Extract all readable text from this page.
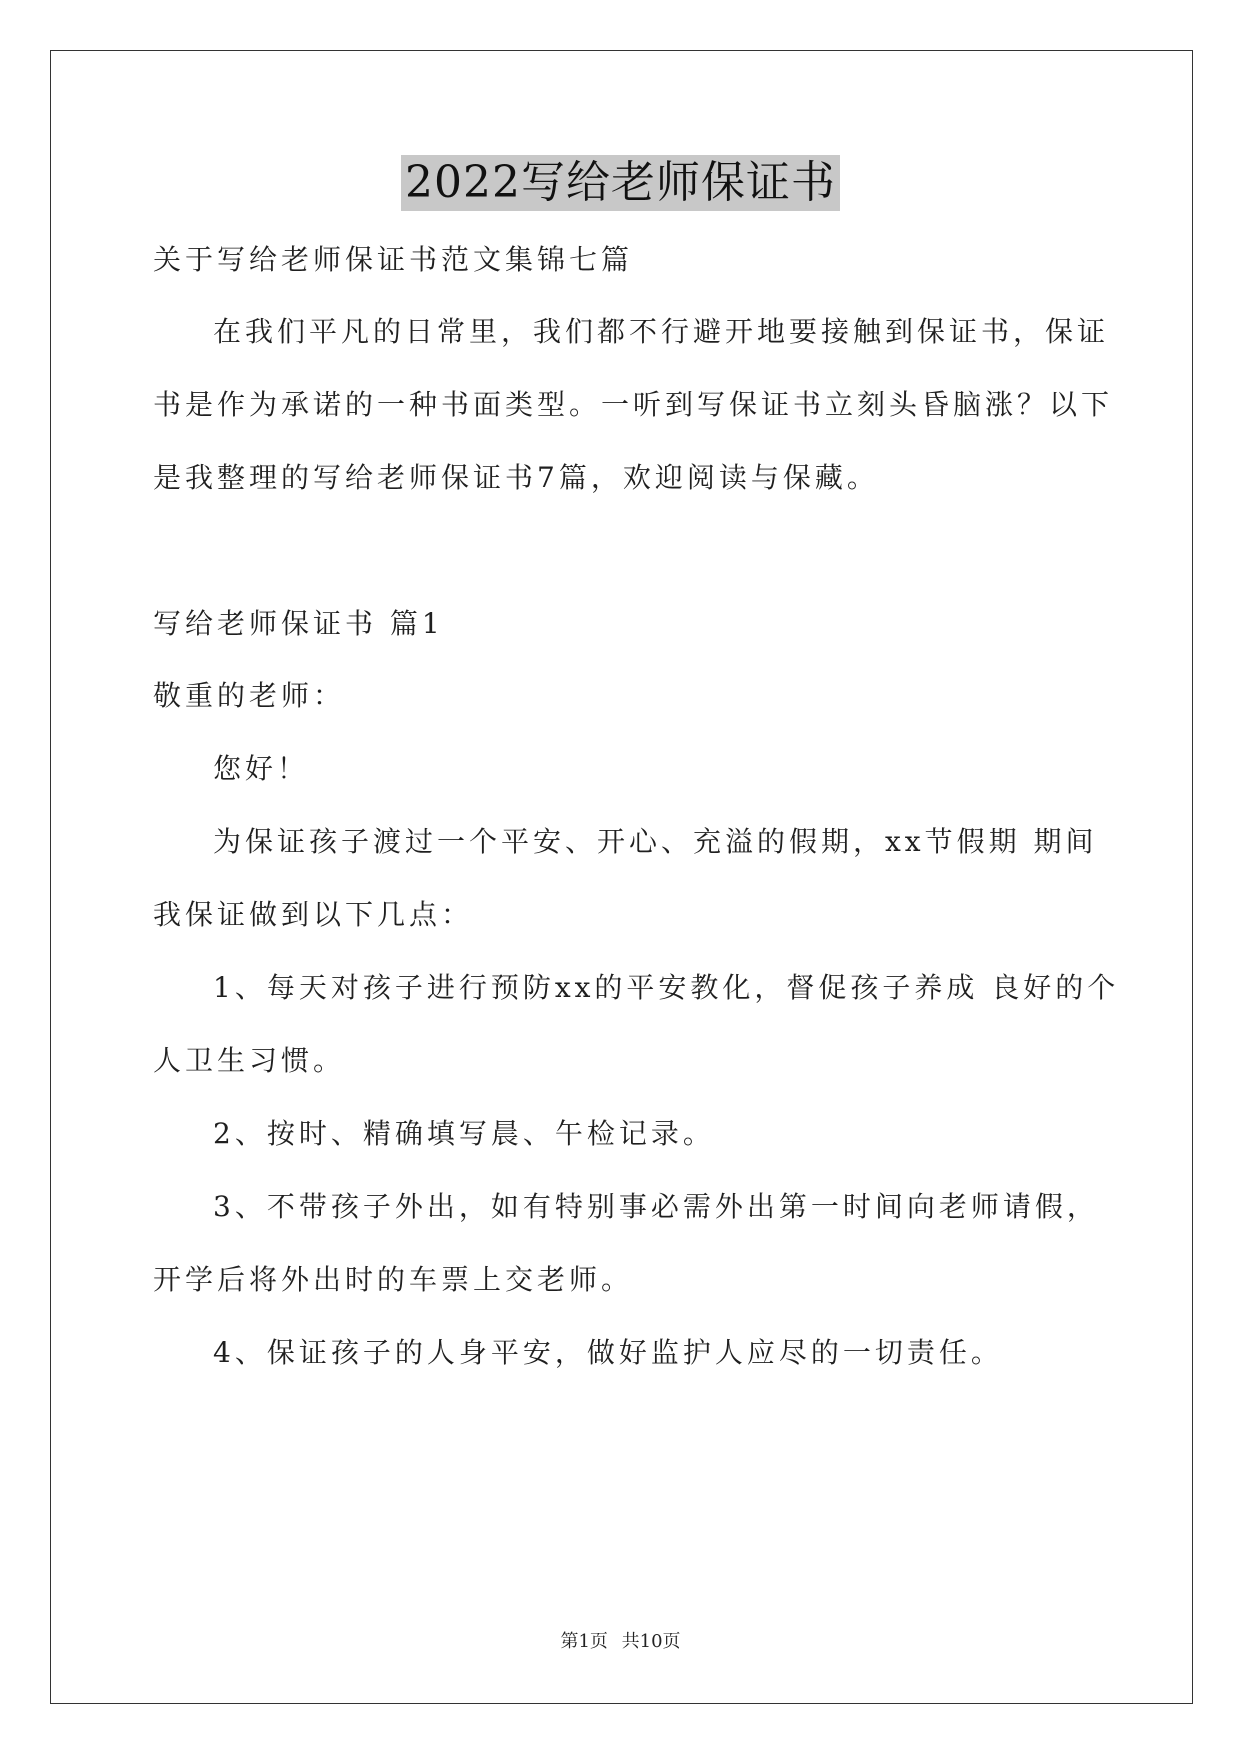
2022写给老师保证书
关于写给老师保证书范文集锦七篇
在我们平凡的日常里，我们都不行避开地要接触到保证书，保证
书是作为承诺的一种书面类型。一听到写保证书立刻头昏脑涨？以下
是我整理的写给老师保证书7篇，欢迎阅读与保藏。
写给老师保证书 篇1
敬重的老师：
您好！
为保证孩子渡过一个平安、开心、充溢的假期，xx节假期 期间
我保证做到以下几点：
1、每天对孩子进行预防xx的平安教化，督促孩子养成 良好的个
人卫生习惯。
2、按时、精确填写晨、午检记录。
3、不带孩子外出，如有特别事必需外出第一时间向老师请假，
开学后将外出时的车票上交老师。
4、保证孩子的人身平安，做好监护人应尽的一切责任。
第1页 共10页
